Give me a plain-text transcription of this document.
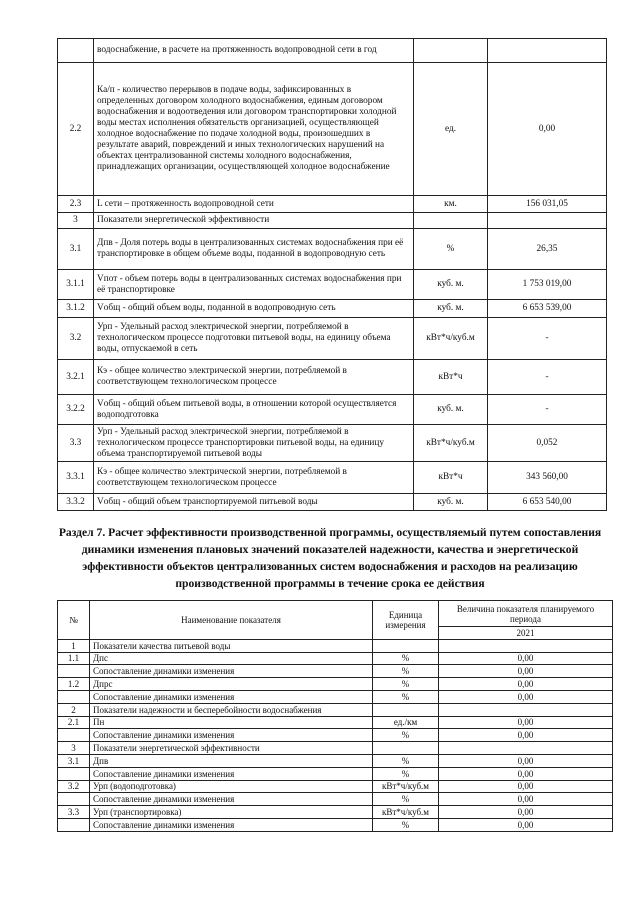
	водоснабжение, в расчете на протяженность водопроводной сети в год		
2.2	Ка/п - количество перерывов в подаче воды, зафиксированных в определенных договором холодного водоснабжения, единым договором водоснабжения и водоотведения или договором транспортировки холодной воды местах исполнения обязательств организацией, осуществляющей холодное водоснабжение по подаче холодной воды, произошедших в результате аварий, повреждений и иных технологических нарушений на объектах централизованной системы холодного водоснабжения, принадлежащих организации, осуществляющей холодное водоснабжение	ед.	0,00
2.3	L сети – протяженность водопроводной сети	км.	156 031,05
3	Показатели энергетической эффективности		
3.1	Дпв - Доля потерь воды в централизованных системах водоснабжения при её транспортировке в общем объеме воды, поданной в водопроводную сеть	%	26,35
3.1.1	Vпот - объем потерь воды в централизованных системах водоснабжения при её транспортировке	куб. м.	1 753 019,00
3.1.2	Vобщ - общий объем воды, поданной в водопроводную сеть	куб. м.	6 653 539,00
3.2	Урп - Удельный расход электрической энергии, потребляемой в технологическом процессе подготовки питьевой воды, на единицу объема воды, отпускаемой в сеть	кВт*ч/куб.м	-
3.2.1	Кэ - общее количество электрической энергии, потребляемой в соответствующем технологическом процессе	кВт*ч	-
3.2.2	Vобщ - общий объем питьевой воды, в отношении которой осуществляется водоподготовка	куб. м.	-
3.3	Урп - Удельный расход электрической энергии, потребляемой в технологическом процессе транспортировки питьевой воды, на единицу объема транспортируемой питьевой воды	кВт*ч/куб.м	0,052
3.3.1	Кэ - общее количество электрической энергии, потребляемой в соответствующем технологическом процессе	кВт*ч	343 560,00
3.3.2	Vобщ - общий объем транспортируемой питьевой воды	куб. м.	6 653 540,00
Раздел 7. Расчет эффективности производственной программы, осуществляемый путем сопоставления динамики изменения плановых значений показателей надежности, качества и энергетической эффективности объектов централизованных систем водоснабжения и расходов на реализацию производственной программы в течение срока ее действия
№	Наименование показателя	Единица измерения	Величина показателя планируемого периода
			2021
1	Показатели качества питьевой воды		
1.1	Дпс	%	0,00
	Сопоставление динамики изменения	%	0,00
1.2	Дпрс	%	0,00
	Сопоставление динамики изменения	%	0,00
2	Показатели надежности и бесперебойности водоснабжения		
2.1	Пн	ед./км	0,00
	Сопоставление динамики изменения	%	0,00
3	Показатели энергетической эффективности		
3.1	Дпв	%	0,00
	Сопоставление динамики изменения	%	0,00
3.2	Урп (водоподготовка)	кВт*ч/куб.м	0,00
	Сопоставление динамики изменения	%	0,00
3.3	Урп (транспортировка)	кВт*ч/куб.м	0,00
	Сопоставление динамики изменения	%	0,00
